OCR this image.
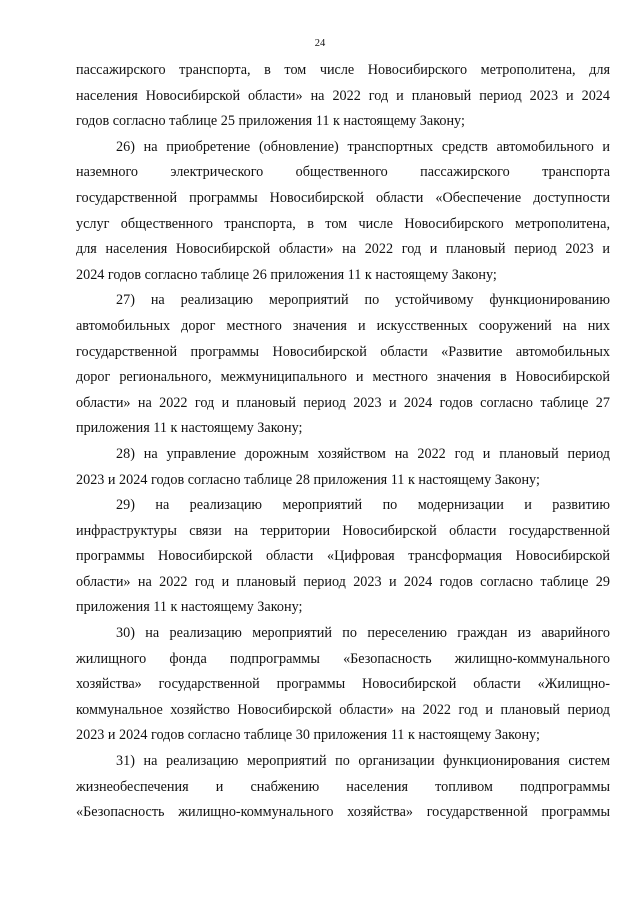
24
пассажирского транспорта, в том числе Новосибирского метрополитена, для
населения Новосибирской области» на 2022 год и плановый период 2023 и 2024
годов согласно таблице 25 приложения 11 к настоящему Закону;
26) на приобретение (обновление) транспортных средств автомобильного и
наземного электрического общественного пассажирского транспорта
государственной программы Новосибирской области «Обеспечение доступности
услуг общественного транспорта, в том числе Новосибирского метрополитена,
для населения Новосибирской области» на 2022 год и плановый период 2023 и
2024 годов согласно таблице 26 приложения 11 к настоящему Закону;
27) на реализацию мероприятий по устойчивому функционированию
автомобильных дорог местного значения и искусственных сооружений на них
государственной программы Новосибирской области «Развитие автомобильных
дорог регионального, межмуниципального и местного значения в Новосибирской
области» на 2022 год и плановый период 2023 и 2024 годов согласно таблице 27
приложения 11 к настоящему Закону;
28) на управление дорожным хозяйством на 2022 год и плановый период
2023 и 2024 годов согласно таблице 28 приложения 11 к настоящему Закону;
29) на реализацию мероприятий по модернизации и развитию
инфраструктуры связи на территории Новосибирской области государственной
программы Новосибирской области «Цифровая трансформация Новосибирской
области» на 2022 год и плановый период 2023 и 2024 годов согласно таблице 29
приложения 11 к настоящему Закону;
30) на реализацию мероприятий по переселению граждан из аварийного
жилищного фонда подпрограммы «Безопасность жилищно-коммунального
хозяйства» государственной программы Новосибирской области «Жилищно-
коммунальное хозяйство Новосибирской области» на 2022 год и плановый период
2023 и 2024 годов согласно таблице 30 приложения 11 к настоящему Закону;
31) на реализацию мероприятий по организации функционирования систем
жизнеобеспечения и снабжению населения топливом подпрограммы
«Безопасность жилищно-коммунального хозяйства» государственной программы
